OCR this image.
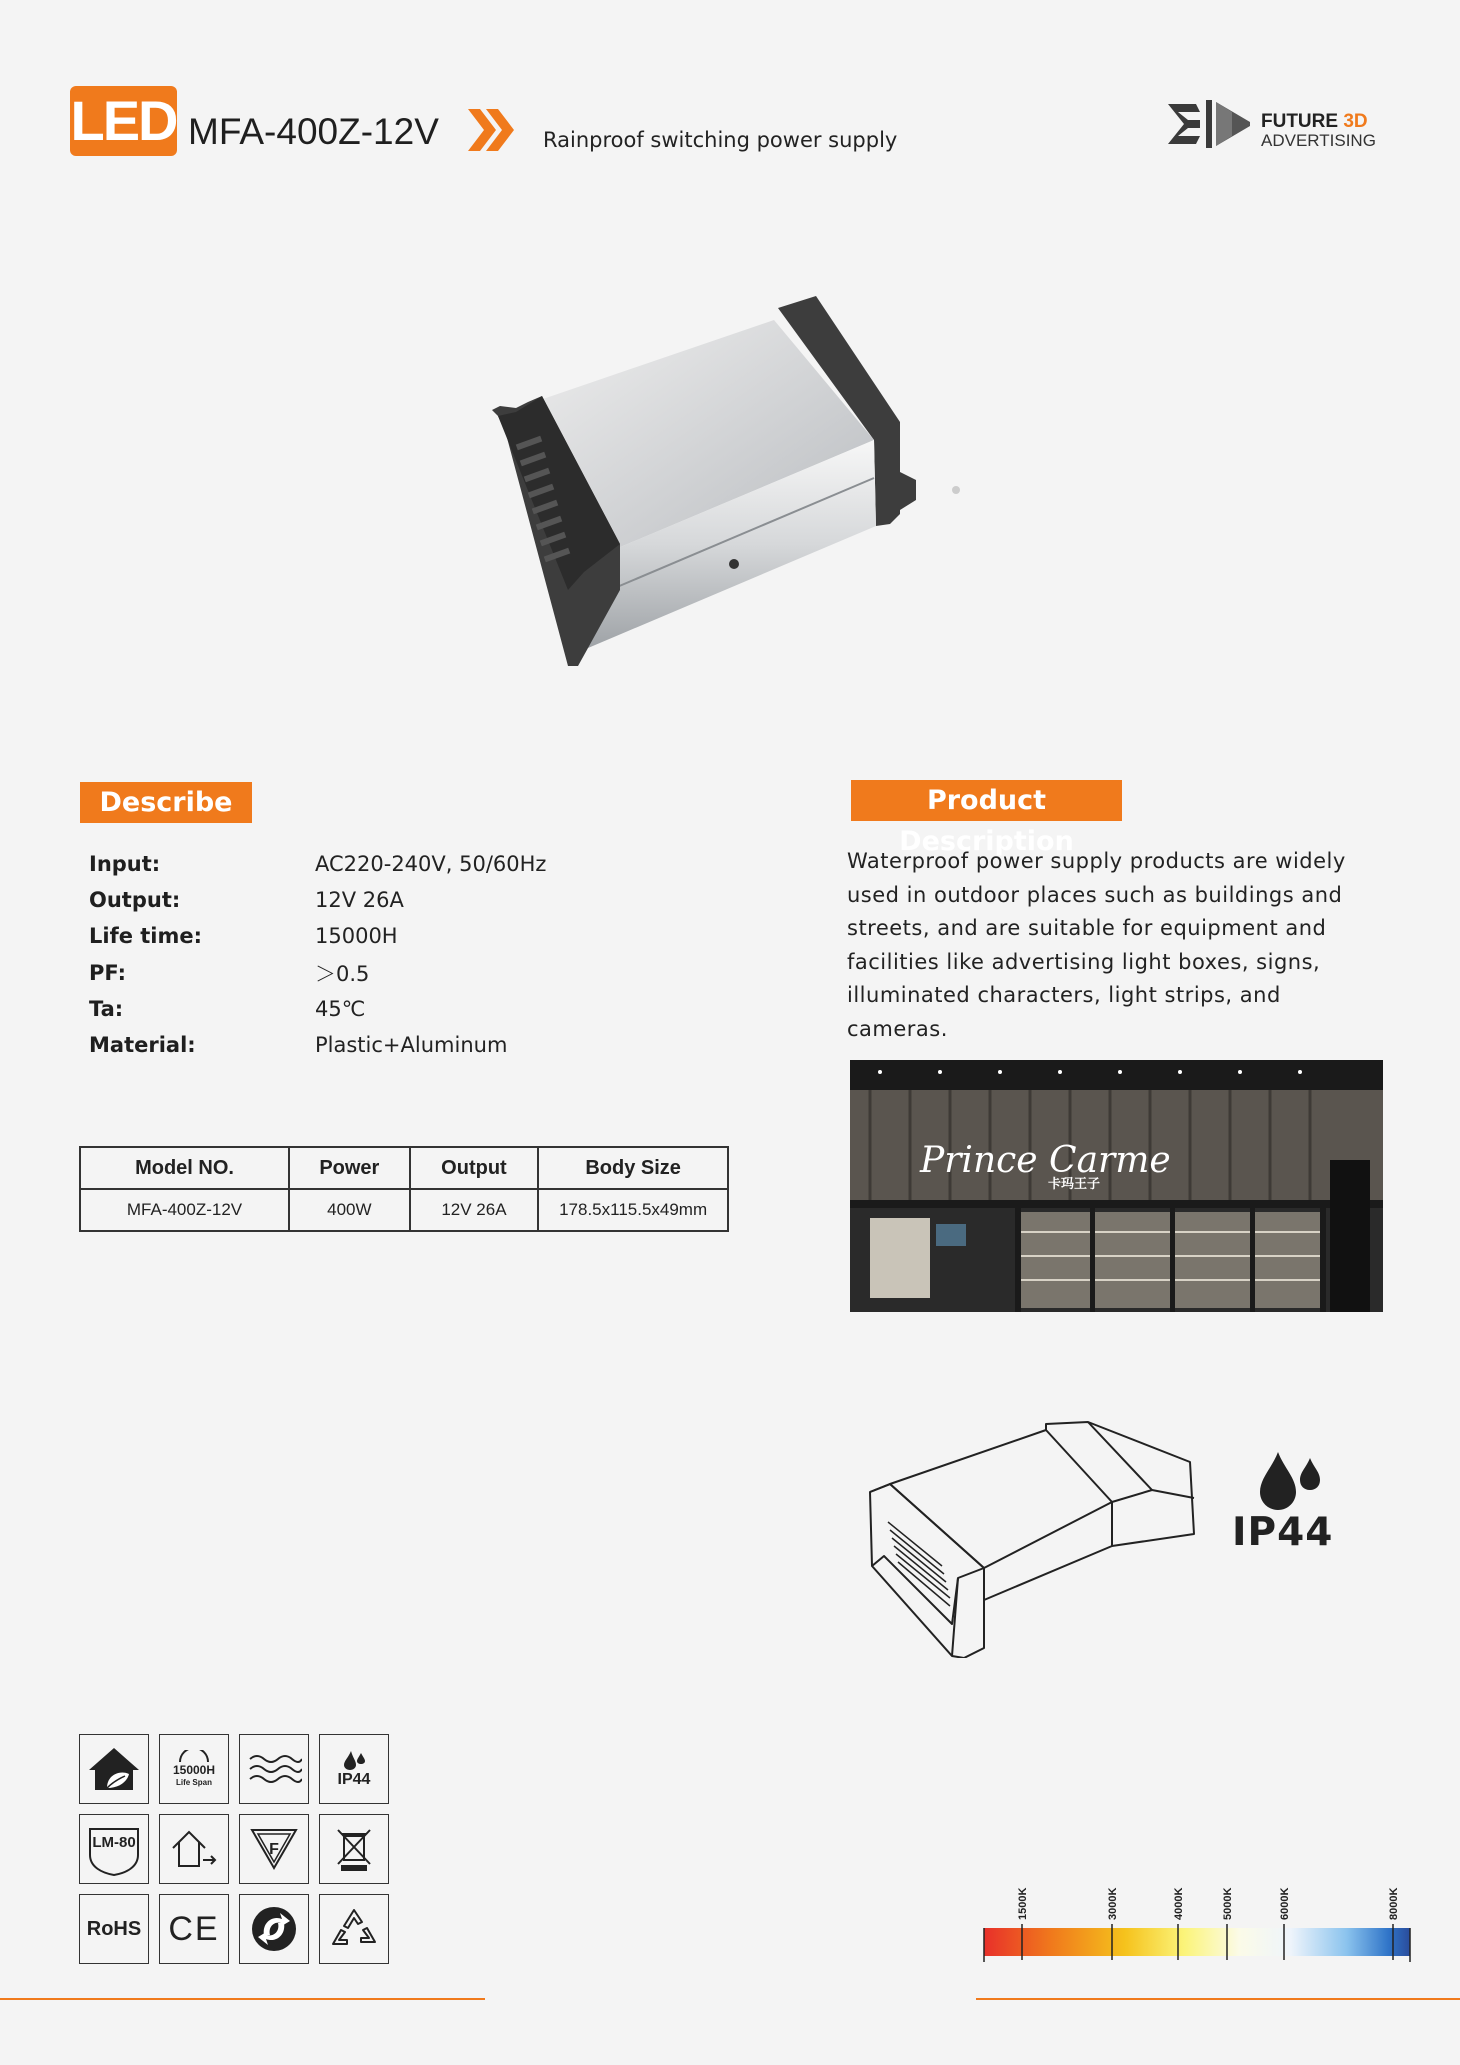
LED MFA-400Z-12V	Rainproof switching power supply
FUTURE 3D
ADVERTISING
Describe
Input:	AC220-240V, 50/60Hz
Output:	12V 26A
Life time:	15000H
PF:	＞0.5
Ta:	45℃
Material:	Plastic+Aluminum
Model NO.	Power	Output	Body Size
MFA-400Z-12V	400W	12V 26A	178.5x115.5x49mm
Product Description
Waterproof power supply products are widely used in outdoor places such as buildings and streets, and are suitable for equipment and facilities like advertising light boxes, signs, illuminated characters, light strips, and cameras.
Prince Carme
卡玛王子
IP44
15000H
Life Span	IP44
LM-80	F
RoHS CE
1500K	3000K	4000K	5000K	6000K	8000K
